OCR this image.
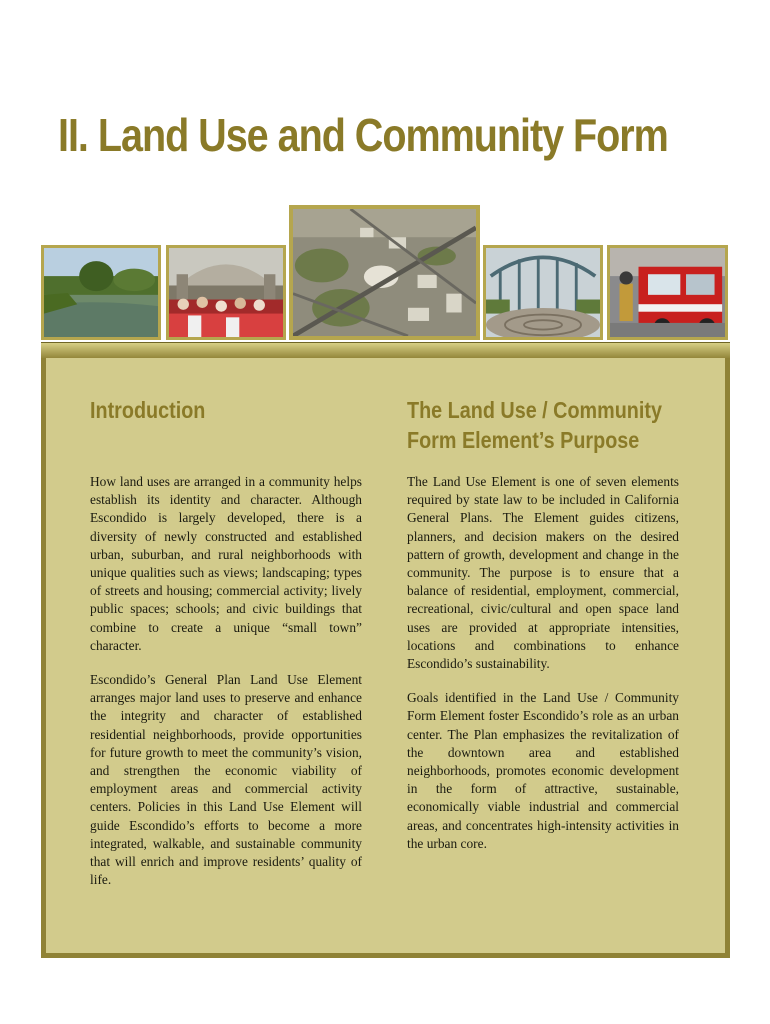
II. Land Use and Community Form
Introduction	The Land Use / Community
Form Element’s Purpose

How land uses are arranged in a community helps establish its identity and character. Although Escondido is largely developed, there is a diversity of newly constructed and established urban, suburban, and rural neighborhoods with unique qualities such as views; landscaping; types of streets and housing; commercial activity; lively public spaces; schools; and civic buildings that combine to create a unique “small town” character.

Escondido’s General Plan Land Use Element arranges major land uses to preserve and enhance the integrity and character of established residential neighborhoods, provide opportunities for future growth to meet the community’s vision, and strengthen the economic viability of employment areas and commercial activity centers. Policies in this Land Use Element will guide Escondido’s efforts to become a more integrated, walkable, and sustainable community that will enrich and improve residents’ quality of life.

The Land Use Element is one of seven elements required by state law to be included in California General Plans. The Element guides citizens, planners, and decision makers on the desired pattern of growth, development and change in the community. The purpose is to ensure that a balance of residential, employment, commercial, recreational, civic/cultural and open space land uses are provided at appropriate intensities, locations and combinations to enhance Escondido’s sustainability.

Goals identified in the Land Use / Community Form Element foster Escondido’s role as an urban center. The Plan emphasizes the revitalization of the downtown area and established neighborhoods, promotes economic development in the form of attractive, sustainable, economically viable industrial and commercial areas, and concentrates high-intensity activities in the urban core.
